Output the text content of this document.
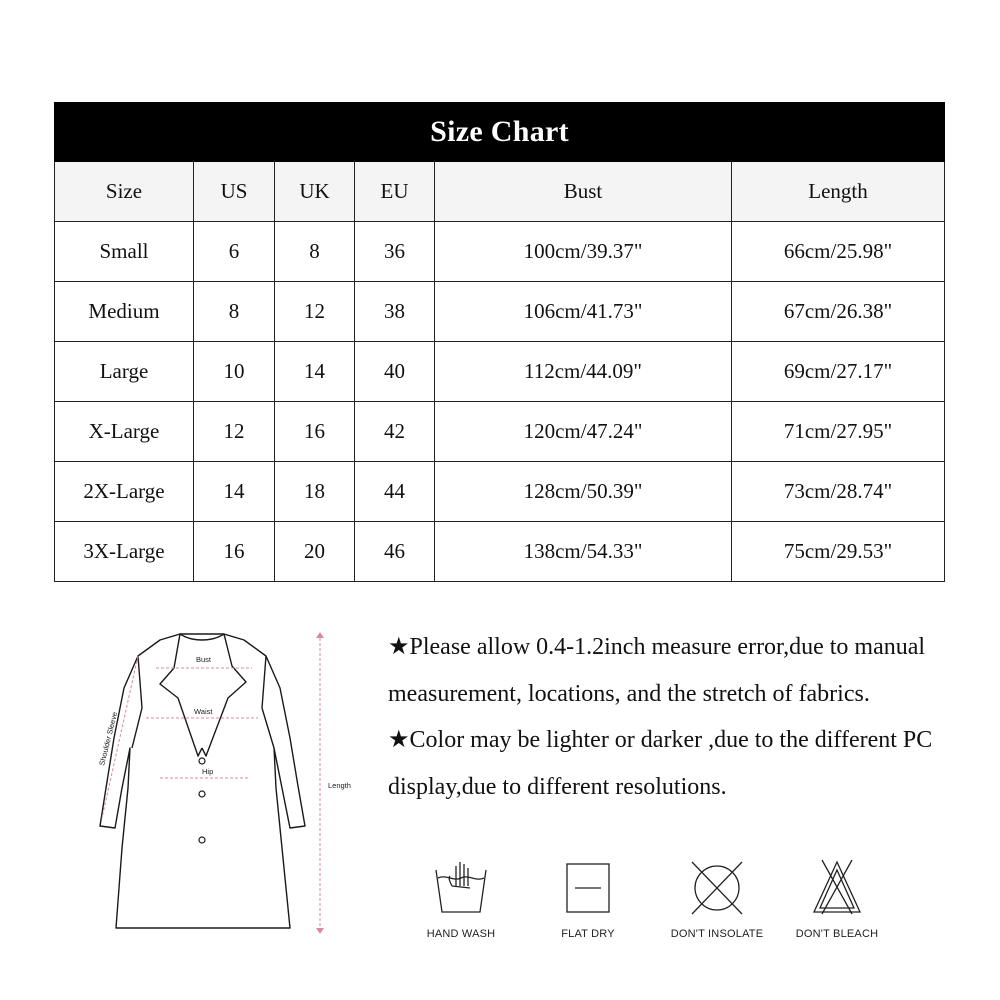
Size Chart					
Size	US	UK	EU	Bust	Length
Small	6	8	36	100cm/39.37"	66cm/25.98"
Medium	8	12	38	106cm/41.73"	67cm/26.38"
Large	10	14	40	112cm/44.09"	69cm/27.17"
X-Large	12	16	42	120cm/47.24"	71cm/27.95"
2X-Large	14	18	44	128cm/50.39"	73cm/28.74"
3X-Large	16	20	46	138cm/54.33"	75cm/29.53"
Bust
Waist
Hip
Length
Shoulder Sleeve

★Please allow 0.4-1.2inch measure error,due to manual measurement, locations, and the stretch of fabrics.

★Color may be lighter or darker ,due to the different PC display,due to different resolutions.

HAND WASH	FLAT DRY	DON'T INSOLATE	DON'T BLEACH
